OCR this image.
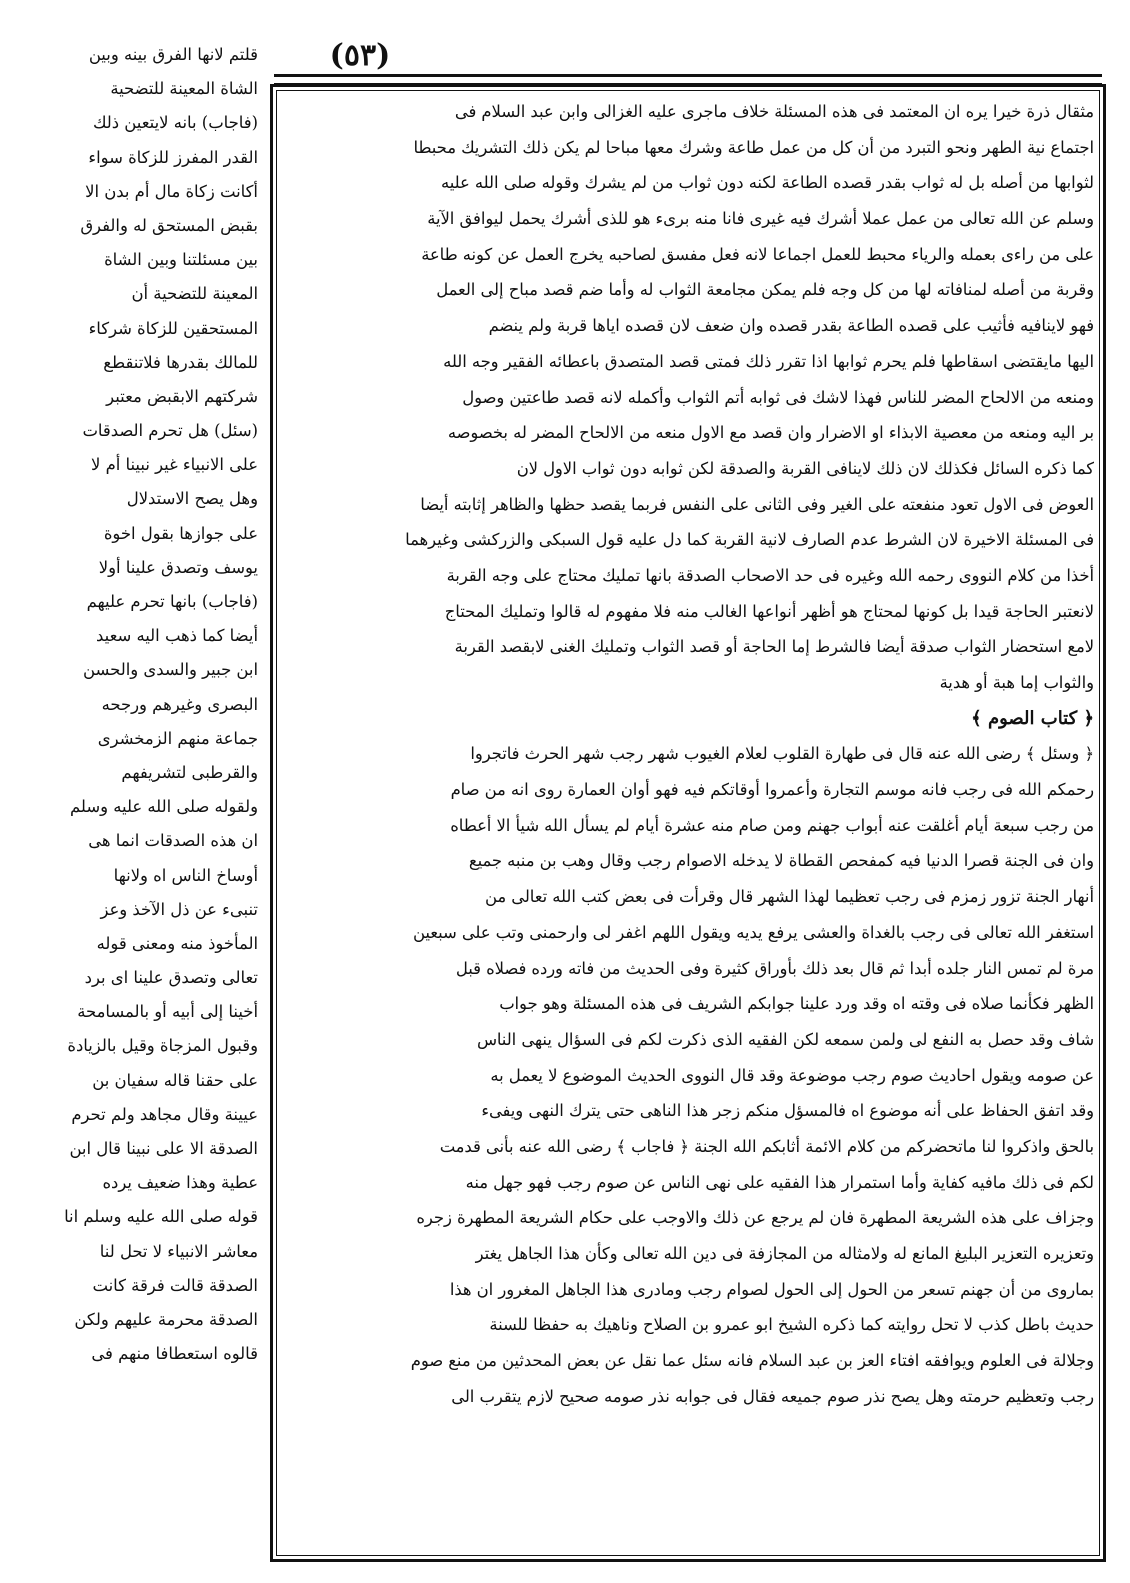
(٥٣)
مثقال ذرة خيرا يره ان المعتمد فى هذه المسئلة خلاف ماجرى عليه الغزالى وابن عبد السلام فى
اجتماع نية الطهر ونحو التبرد من أن كل من عمل طاعة وشرك معها مباحا لم يكن ذلك التشريك محبطا
لثوابها من أصله بل له ثواب بقدر قصده الطاعة لكنه دون ثواب من لم يشرك وقوله صلى الله عليه
وسلم عن الله تعالى من عمل عملا أشرك فيه غيرى فانا منه برىء هو للذى أشرك يحمل ليوافق الآية
على من راءى بعمله والرياء محبط للعمل اجماعا لانه فعل مفسق لصاحبه يخرج العمل عن كونه طاعة
وقربة من أصله لمنافاته لها من كل وجه فلم يمكن مجامعة الثواب له وأما ضم قصد مباح إلى العمل
فهو لاينافيه فأثيب على قصده الطاعة بقدر قصده وان ضعف لان قصده اياها قربة ولم ينضم
اليها مايقتضى اسقاطها فلم يحرم ثوابها اذا تقرر ذلك فمتى قصد المتصدق باعطائه الفقير وجه الله
ومنعه من الالحاح المضر للناس فهذا لاشك فى ثوابه أتم الثواب وأكمله لانه قصد طاعتين وصول
بر اليه ومنعه من معصية الابذاء او الاضرار وان قصد مع الاول منعه من الالحاح المضر له بخصوصه
كما ذكره السائل فكذلك لان ذلك لاينافى القربة والصدقة لكن ثوابه دون ثواب الاول لان
العوض فى الاول تعود منفعته على الغير وفى الثانى على النفس فربما يقصد حظها والظاهر إثابته أيضا
فى المسئلة الاخيرة لان الشرط عدم الصارف لانية القربة كما دل عليه قول السبكى والزركشى وغيرهما
أخذا من كلام النووى رحمه الله وغيره فى حد الاصحاب الصدقة بانها تمليك محتاج على وجه القربة
لانعتبر الحاجة قيدا بل كونها لمحتاج هو أظهر أنواعها الغالب منه فلا مفهوم له قالوا وتمليك المحتاج
لامع استحضار الثواب صدقة أيضا فالشرط إما الحاجة أو قصد الثواب وتمليك الغنى لابقصد القربة
والثواب إما هبة أو هدية
﴿ كتاب الصوم ﴾
﴿ وسئل ﴾ رضى الله عنه قال فى طهارة القلوب لعلام الغيوب شهر رجب شهر الحرث فاتجروا
رحمكم الله فى رجب فانه موسم التجارة وأعمروا أوقاتكم فيه فهو أوان العمارة روى انه من صام
من رجب سبعة أيام أغلقت عنه أبواب جهنم ومن صام منه عشرة أيام لم يسأل الله شيأ الا أعطاه
وان فى الجنة قصرا الدنيا فيه كمفحص القطاة لا يدخله الاصوام رجب وقال وهب بن منبه جميع
أنهار الجنة تزور زمزم فى رجب تعظيما لهذا الشهر قال وقرأت فى بعض كتب الله تعالى من
استغفر الله تعالى فى رجب بالغداة والعشى يرفع يديه ويقول اللهم اغفر لى وارحمنى وتب على سبعين
مرة لم تمس النار جلده أبدا ثم قال بعد ذلك بأوراق كثيرة وفى الحديث من فاته ورده فصلاه قبل
الظهر فكأنما صلاه فى وقته اه وقد ورد علينا جوابكم الشريف فى هذه المسئلة وهو جواب
شاف وقد حصل به النفع لى ولمن سمعه لكن الفقيه الذى ذكرت لكم فى السؤال ينهى الناس
عن صومه ويقول احاديث صوم رجب موضوعة وقد قال النووى الحديث الموضوع لا يعمل به
وقد اتفق الحفاظ على أنه موضوع اه فالمسؤل منكم زجر هذا الناهى حتى يترك النهى ويفىء
بالحق واذكروا لنا ماتحضركم من كلام الائمة أثابكم الله الجنة ﴿ فاجاب ﴾ رضى الله عنه بأنى قدمت
لكم فى ذلك مافيه كفاية وأما استمرار هذا الفقيه على نهى الناس عن صوم رجب فهو جهل منه
وجزاف على هذه الشريعة المطهرة فان لم يرجع عن ذلك والاوجب على حكام الشريعة المطهرة زجره
وتعزيره التعزير البليغ المانع له ولامثاله من المجازفة فى دين الله تعالى وكأن هذا الجاهل يغتر
بماروى من أن جهنم تسعر من الحول إلى الحول لصوام رجب ومادرى هذا الجاهل المغرور ان هذا
حديث باطل كذب لا تحل روايته كما ذكره الشيخ ابو عمرو بن الصلاح وناهيك به حفظا للسنة
وجلالة فى العلوم ويوافقه افتاء العز بن عبد السلام فانه سئل عما نقل عن بعض المحدثين من منع صوم
رجب وتعظيم حرمته وهل يصح نذر صوم جميعه فقال فى جوابه نذر صومه صحيح لازم يتقرب الى
قلتم لانها الفرق بينه وبين
الشاة المعينة للتضحية
(فاجاب) بانه لايتعين ذلك
القدر المفرز للزكاة سواء
أكانت زكاة مال أم بدن الا
بقبض المستحق له والفرق
بين مسئلتنا وبين الشاة
المعينة للتضحية أن
المستحقين للزكاة شركاء
للمالك بقدرها فلاتنقطع
شركتهم الابقبض معتبر
(سئل) هل تحرم الصدقات
على الانبياء غير نبينا أم لا
وهل يصح الاستدلال
على جوازها بقول اخوة
يوسف وتصدق علينا أولا
(فاجاب) بانها تحرم عليهم
أيضا كما ذهب اليه سعيد
ابن جبير والسدى والحسن
البصرى وغيرهم ورجحه
جماعة منهم الزمخشرى
والقرطبى لتشريفهم
ولقوله صلى الله عليه وسلم
ان هذه الصدقات انما هى
أوساخ الناس اه ولانها
تنبىء عن ذل الآخذ وعز
المأخوذ منه ومعنى قوله
تعالى وتصدق علينا اى برد
أخينا إلى أبيه أو بالمسامحة
وقبول المزجاة وقيل بالزيادة
على حقنا قاله سفيان بن
عيينة وقال مجاهد ولم تحرم
الصدقة الا على نبينا قال ابن
عطية وهذا ضعيف يرده
قوله صلى الله عليه وسلم انا
معاشر الانبياء لا تحل لنا
الصدقة قالت فرقة كانت
الصدقة محرمة عليهم ولكن
قالوه استعطافا منهم فى
